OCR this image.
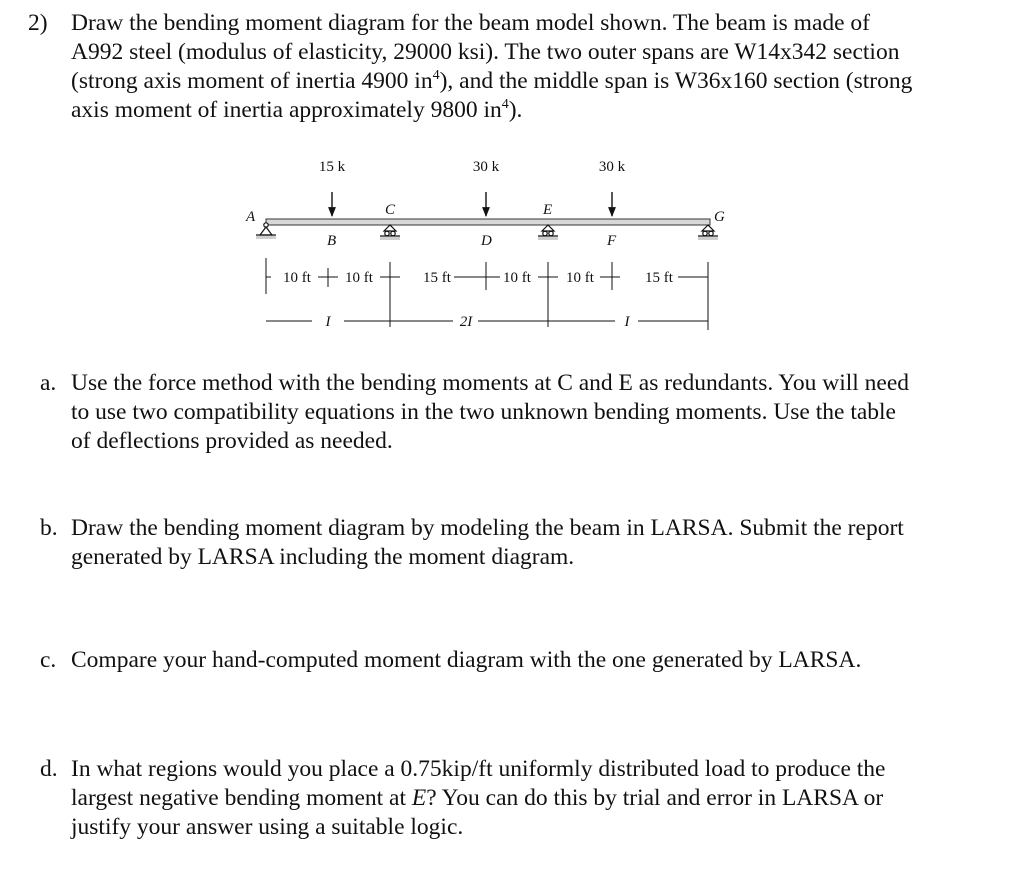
2) Draw the bending moment diagram for the beam model shown. The beam is made of

A992 steel (modulus of elasticity, 29000 ksi). The two outer spans are W14x342 section

(strong axis moment of inertia 4900 $in^4$), and the middle span is W36x160 section (strong

axis moment of inertia approximately 9800 $in^4$).

15 k	30 k	30 k
A
B
C
D
E
F
G
10 ft 10 ft	15 ft	10 ft 10 ft	15 ft
I	2I	I
a. Use the force method with the bending moments at C and E as redundants. You will need

to use two compatibility equations in the two unknown bending moments. Use the table

of deflections provided as needed.

b. Draw the bending moment diagram by modeling the beam in LARSA. Submit the report

generated by LARSA including the moment diagram.

c. Compare your hand-computed moment diagram with the one generated by LARSA.

d. In what regions would you place a 0.75kip/ft uniformly distributed load to produce the

largest negative bending moment at E? You can do this by trial and error in LARSA or

justify your answer using a suitable logic.
